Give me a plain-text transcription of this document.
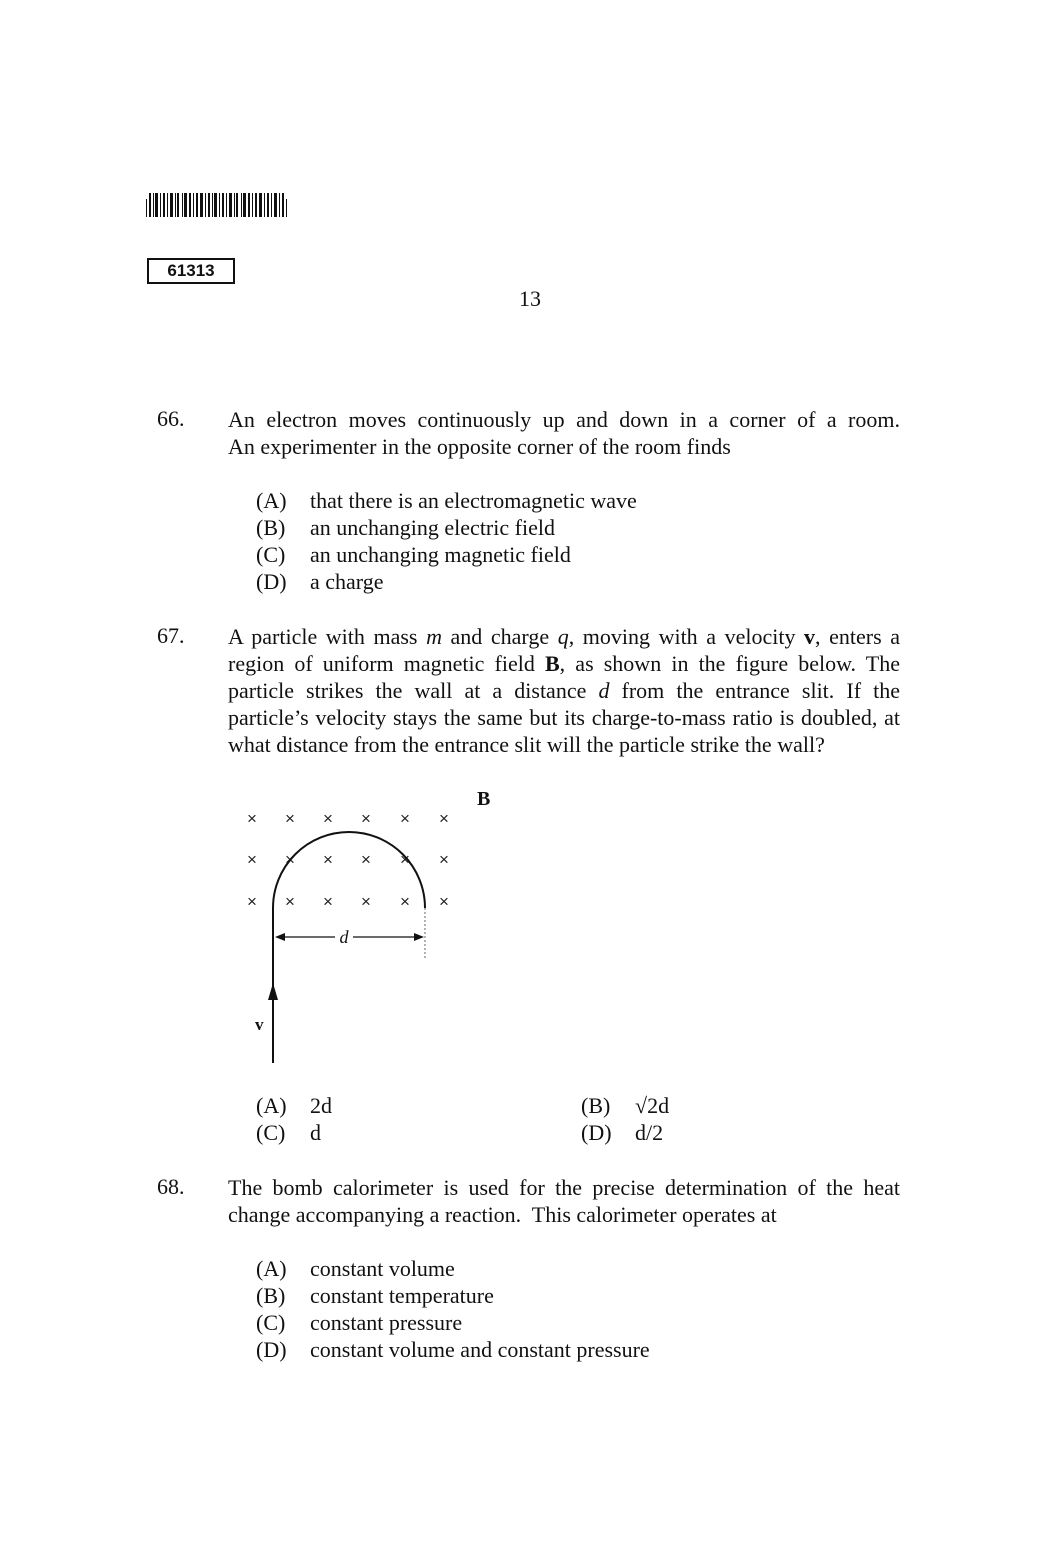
61313
13
66. An electron moves continuously up and down in a corner of a room.
An experimenter in the opposite corner of the room finds
(A) that there is an electromagnetic wave
(B) an unchanging electric field
(C) an unchanging magnetic field
(D) a charge
67. A particle with mass m and charge q, moving with a velocity v, enters a region of uniform magnetic field B, as shown in the figure below. The particle strikes the wall at a distance d from the entrance slit. If the particle’s velocity stays the same but its charge-to-mass ratio is doubled, at what distance from the entrance slit will the particle strike the wall?
× × × × × ×
× × × × × ×
× × × × × ×
B
v
d
(A) 2d	(B) √2d
(C) d	(D) d/2
68. The bomb calorimeter is used for the precise determination of the heat
change accompanying a reaction.  This calorimeter operates at
(A) constant volume
(B) constant temperature
(C) constant pressure
(D) constant volume and constant pressure
